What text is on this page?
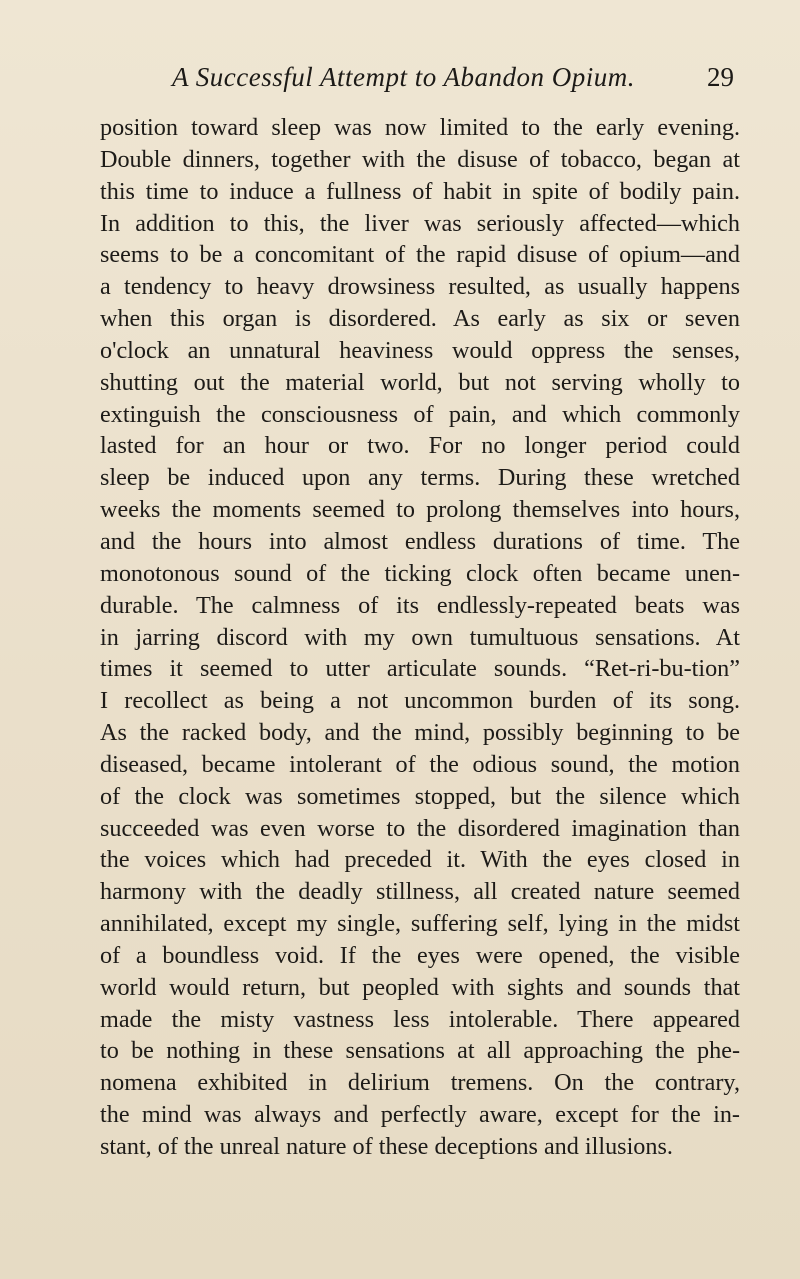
A Successful Attempt to Abandon Opium.	29
position toward sleep was now limited to the early evening.
Double dinners, together with the disuse of tobacco, began at
this time to induce a fullness of habit in spite of bodily pain.
In addition to this, the liver was seriously affected—which
seems to be a concomitant of the rapid disuse of opium—and
a tendency to heavy drowsiness resulted, as usually happens
when this organ is disordered. As early as six or seven
o'clock an unnatural heaviness would oppress the senses,
shutting out the material world, but not serving wholly to
extinguish the consciousness of pain, and which commonly
lasted for an hour or two. For no longer period could
sleep be induced upon any terms. During these wretched
weeks the moments seemed to prolong themselves into hours,
and the hours into almost endless durations of time. The
monotonous sound of the ticking clock often became unen-
durable. The calmness of its endlessly-repeated beats was
in jarring discord with my own tumultuous sensations. At
times it seemed to utter articulate sounds. “Ret-ri-bu-tion”
I recollect as being a not uncommon burden of its song.
As the racked body, and the mind, possibly beginning to be
diseased, became intolerant of the odious sound, the motion
of the clock was sometimes stopped, but the silence which
succeeded was even worse to the disordered imagination than
the voices which had preceded it. With the eyes closed in
harmony with the deadly stillness, all created nature seemed
annihilated, except my single, suffering self, lying in the midst
of a boundless void. If the eyes were opened, the visible
world would return, but peopled with sights and sounds that
made the misty vastness less intolerable. There appeared
to be nothing in these sensations at all approaching the phe-
nomena exhibited in delirium tremens. On the contrary,
the mind was always and perfectly aware, except for the in-
stant, of the unreal nature of these deceptions and illusions.
